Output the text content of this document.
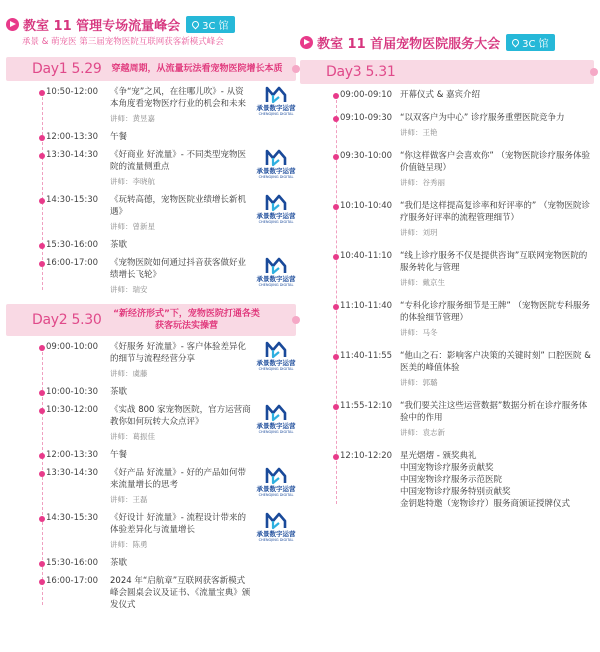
教室 11 管理专场流量峰会 3C 馆
承景 & 萌宠医 第三届宠物医院互联网获客新模式峰会
Day1 5.29 穿越周期，从流量玩法看宠物医院增长本质
10:50-12:00	《争“宠”之风，在往哪儿吹》- 从资本角度看宠物医疗行业的机会和未来
讲师：黄昱嘉
承景数字运营
CHENGJING DIGITAL
12:00-13:30	午餐
13:30-14:30	《好商业 好流量》- 不同类型宠物医院的流量侧重点
讲师：李晓航
承景数字运营
CHENGJING DIGITAL
14:30-15:30	《玩转高德，宠物医院业绩增长新机遇》
讲师：曾新星
承景数字运营
CHENGJING DIGITAL
15:30-16:00	茶歇
16:00-17:00	《宠物医院如何通过抖音获客做好业绩增长飞轮》
讲师：瑞安
承景数字运营
CHENGJING DIGITAL
Day2 5.30 “新经济形式”下，宠物医院打通各类获客玩法实操营
09:00-10:00	《好服务 好流量》- 客户体验差异化的细节与流程经营分享
讲师：虞藤
承景数字运营
CHENGJING DIGITAL
10:00-10:30	茶歇
10:30-12:00	《实战 800 家宠物医院，官方运营商教你如何玩转大众点评》
讲师：葛振佳
承景数字运营
CHENGJING DIGITAL
12:00-13:30	午餐
13:30-14:30	《好产品 好流量》- 好的产品如何带来流量增长的思考
讲师：王磊
承景数字运营
CHENGJING DIGITAL
14:30-15:30	《好设计 好流量》- 流程设计带来的体验差异化与流量增长
讲师：陈勇
承景数字运营
CHENGJING DIGITAL
15:30-16:00	茶歇
16:00-17:00	2024 年“启航章”互联网获客新模式峰会圆桌会议及证书、《流量宝典》颁发仪式
教室 11 首届宠物医院服务大会 3C 馆
Day3 5.31
09:00-09:10 开幕仪式 & 嘉宾介绍
09:10-09:30 “以双客户为中心” 诊疗服务重塑医院竞争力
讲师：王艳
09:30-10:00 “你这样做客户会喜欢你” （宠物医院诊疗服务体验价值链呈现）
讲师：谷秀丽
10:10-10:40 “我们是这样提高复诊率和好评率的” （宠物医院诊疗服务好评率的流程管理细节）
讲师：刘玥
10:40-11:10 “线上诊疗服务不仅是提供咨询”互联网宠物医院的服务转化与管理
讲师：戴京生
11:10-11:40 “专科化诊疗服务细节是王牌” （宠物医院专科服务的体验细节管理）
讲师：马冬
11:40-11:55 “他山之石：影响客户决策的关键时刻” 口腔医院 & 医美的峰值体验
讲师：郭璐
11:55-12:10 “我们要关注这些运营数据”数据分析在诊疗服务体验中的作用
讲师：袁志新
12:10-12:20 星光熠熠 - 颁奖典礼
中国宠物诊疗服务贡献奖
中国宠物诊疗服务示范医院
中国宠物诊疗服务特别贡献奖
金钥匙特邀（宠物诊疗）服务商颁证授牌仪式
